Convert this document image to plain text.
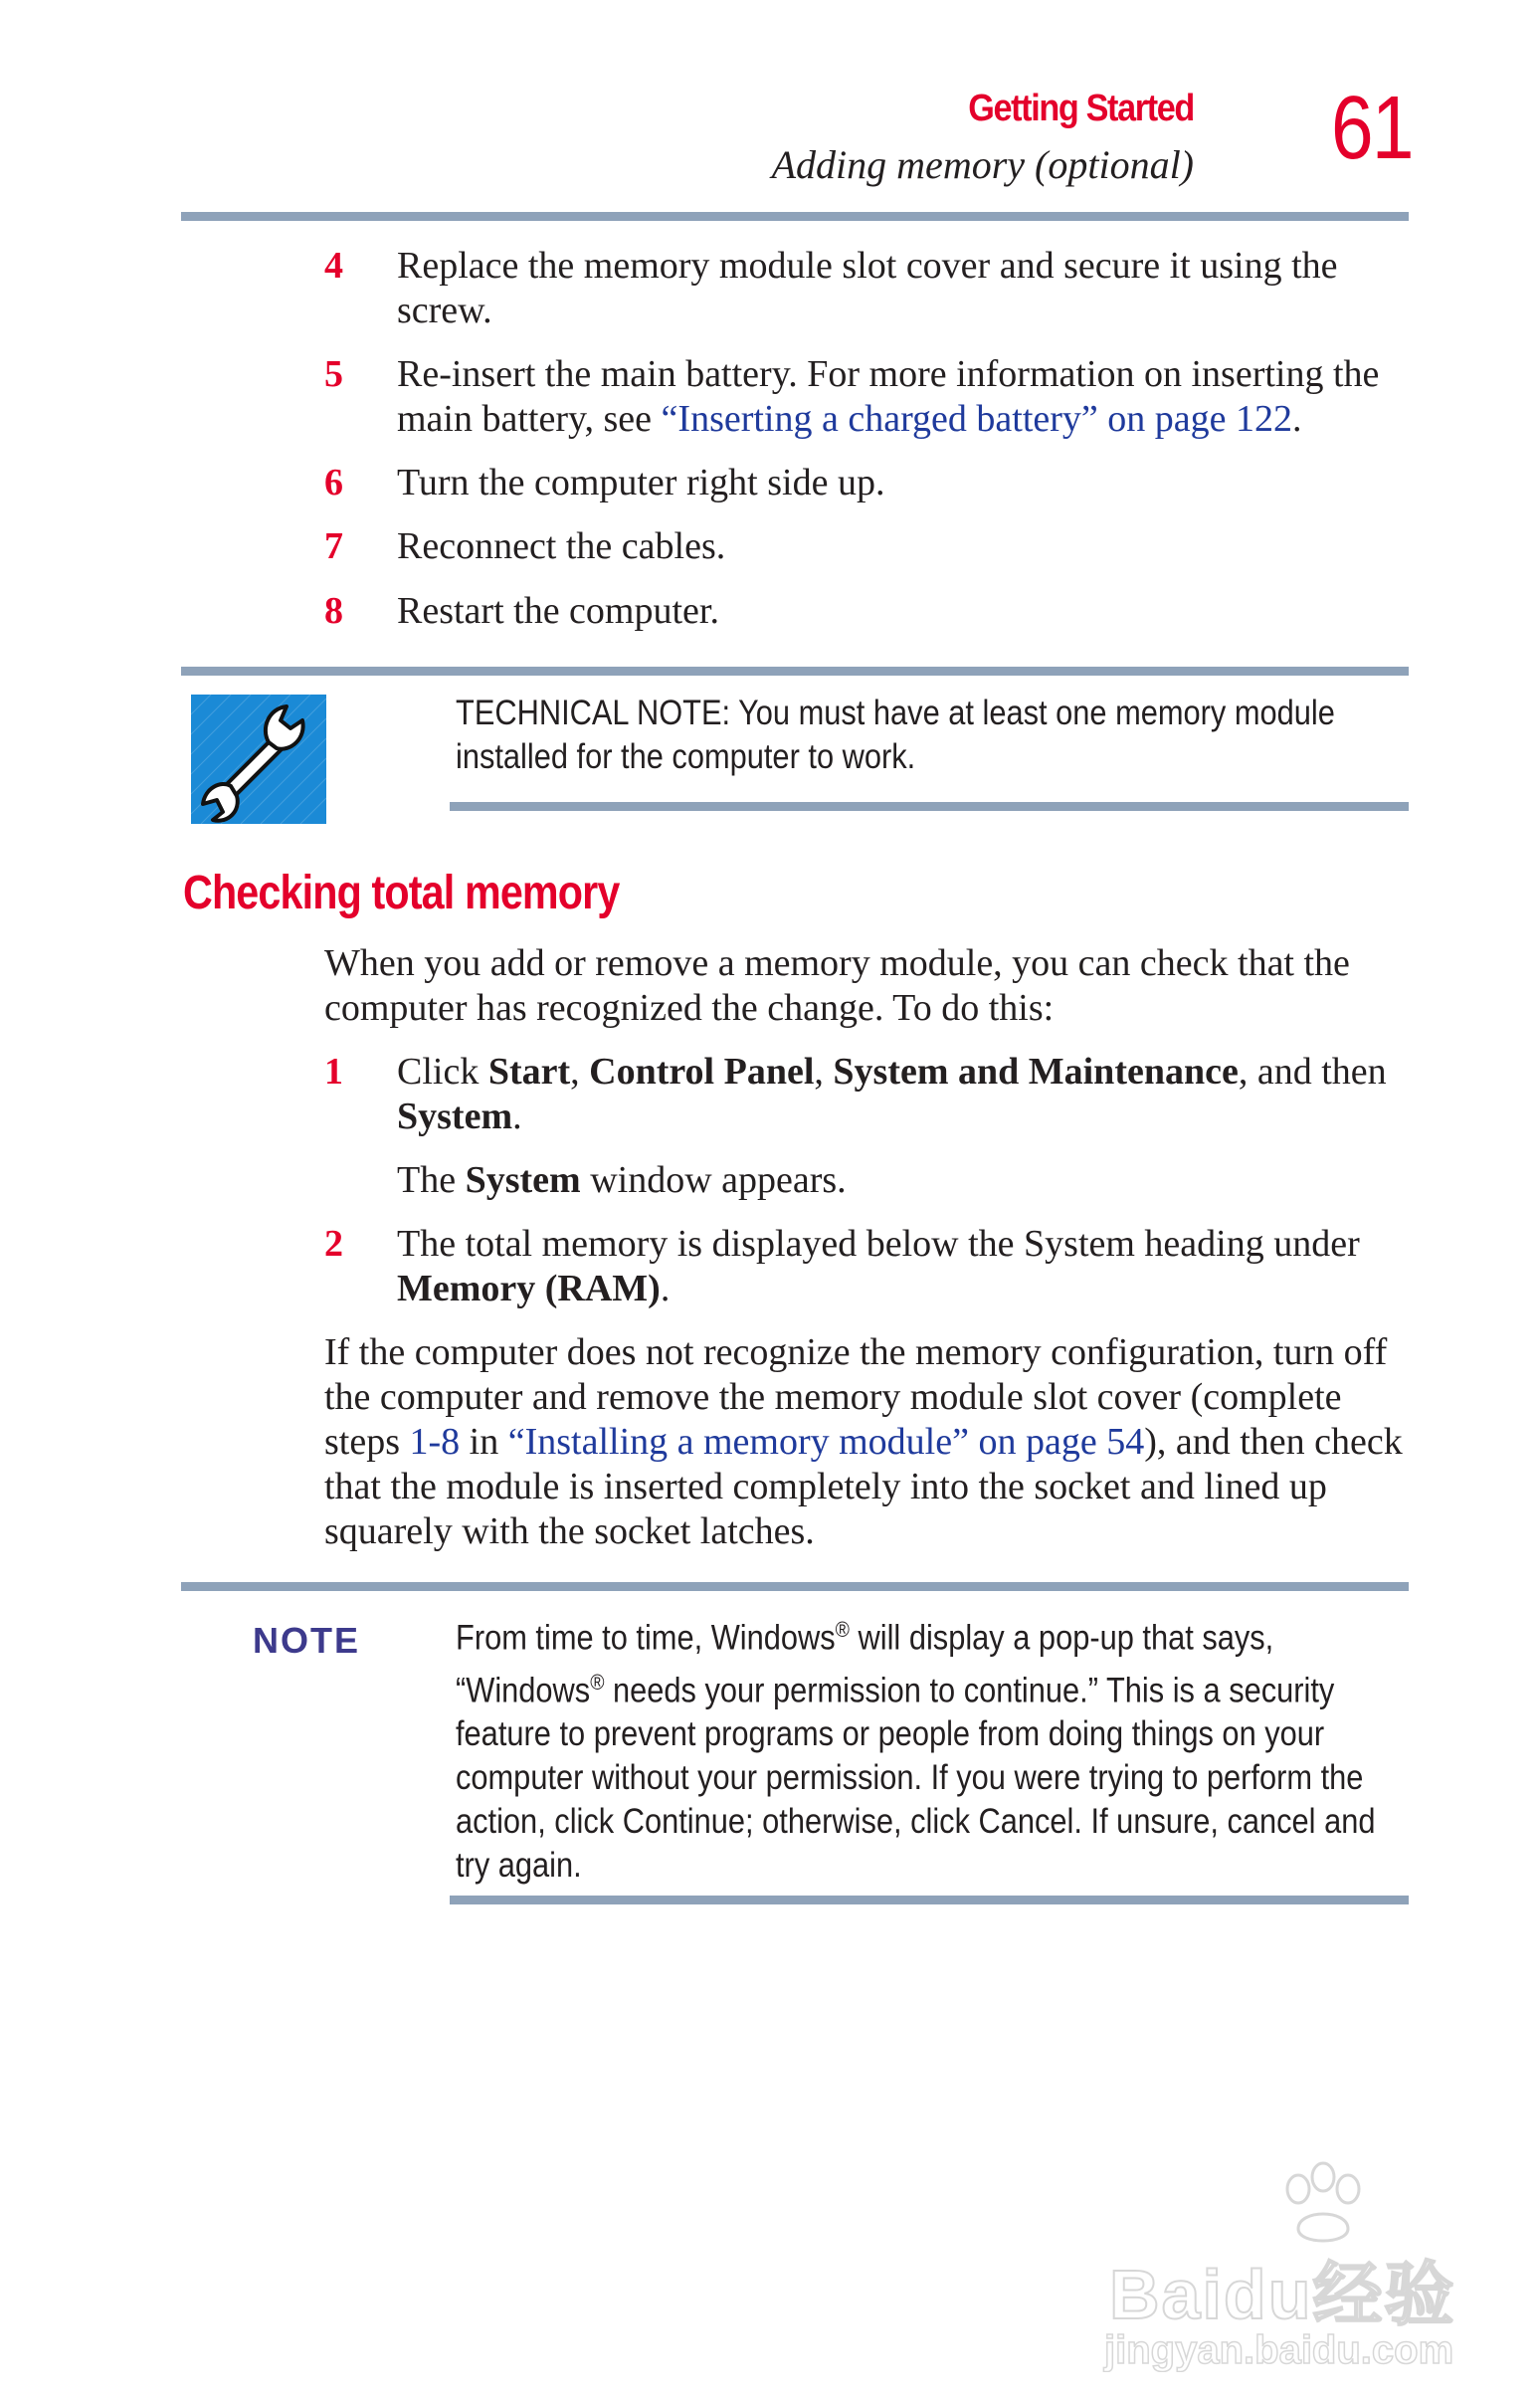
Getting Started
Adding memory (optional) 61
4 Replace the memory module slot cover and secure it using the screw.
5 Re-insert the main battery. For more information on inserting the main battery, see “Inserting a charged battery” on page 122.
6 Turn the computer right side up.
7 Reconnect the cables.
8 Restart the computer.
TECHNICAL NOTE: You must have at least one memory module installed for the computer to work.
Checking total memory
When you add or remove a memory module, you can check that the computer has recognized the change. To do this:
1 Click Start, Control Panel, System and Maintenance, and then System.
The System window appears.
2 The total memory is displayed below the System heading under Memory (RAM).
If the computer does not recognize the memory configuration, turn off the computer and remove the memory module slot cover (complete steps 1-8 in “Installing a memory module” on page 54), and then check that the module is inserted completely into the socket and lined up squarely with the socket latches.
NOTE	From time to time, Windows® will display a pop-up that says, “Windows® needs your permission to continue.” This is a security feature to prevent programs or people from doing things on your computer without your permission. If you were trying to perform the action, click Continue; otherwise, click Cancel. If unsure, cancel and try again.
Baidu经验
jingyan.baidu.com
